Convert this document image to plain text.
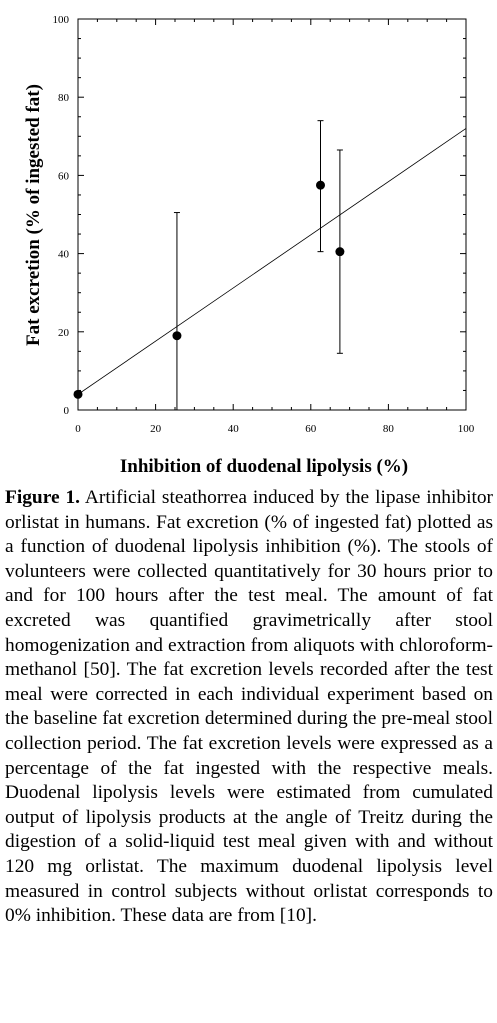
0	20	40	60	80	100
0
20
40
60
80
100
Inhibition of duodenal lipolysis (%)
Fat excretion (% of ingested fat)

Figure 1. Artificial steathorrea induced by the lipase inhibitor orlistat in humans. Fat excretion (% of ingested fat) plotted as a function of duodenal lipolysis inhibition (%). The stools of volunteers were collected quantitatively for 30 hours prior to and for 100 hours after the test meal. The amount of fat excreted was quantified gravimetrically after stool homogenization and extraction from aliquots with chloroform-methanol [50]. The fat excretion levels recorded after the test meal were corrected in each individual experiment based on the baseline fat excretion determined during the pre-meal stool collection period. The fat excretion levels were expressed as a percentage of the fat ingested with the respective meals. Duodenal lipolysis levels were estimated from cumulated output of lipolysis products at the angle of Treitz during the digestion of a solid-liquid test meal given with and without 120 mg orlistat. The maximum duodenal lipolysis level measured in control subjects without orlistat corresponds to 0% inhibition. These data are from [10].
